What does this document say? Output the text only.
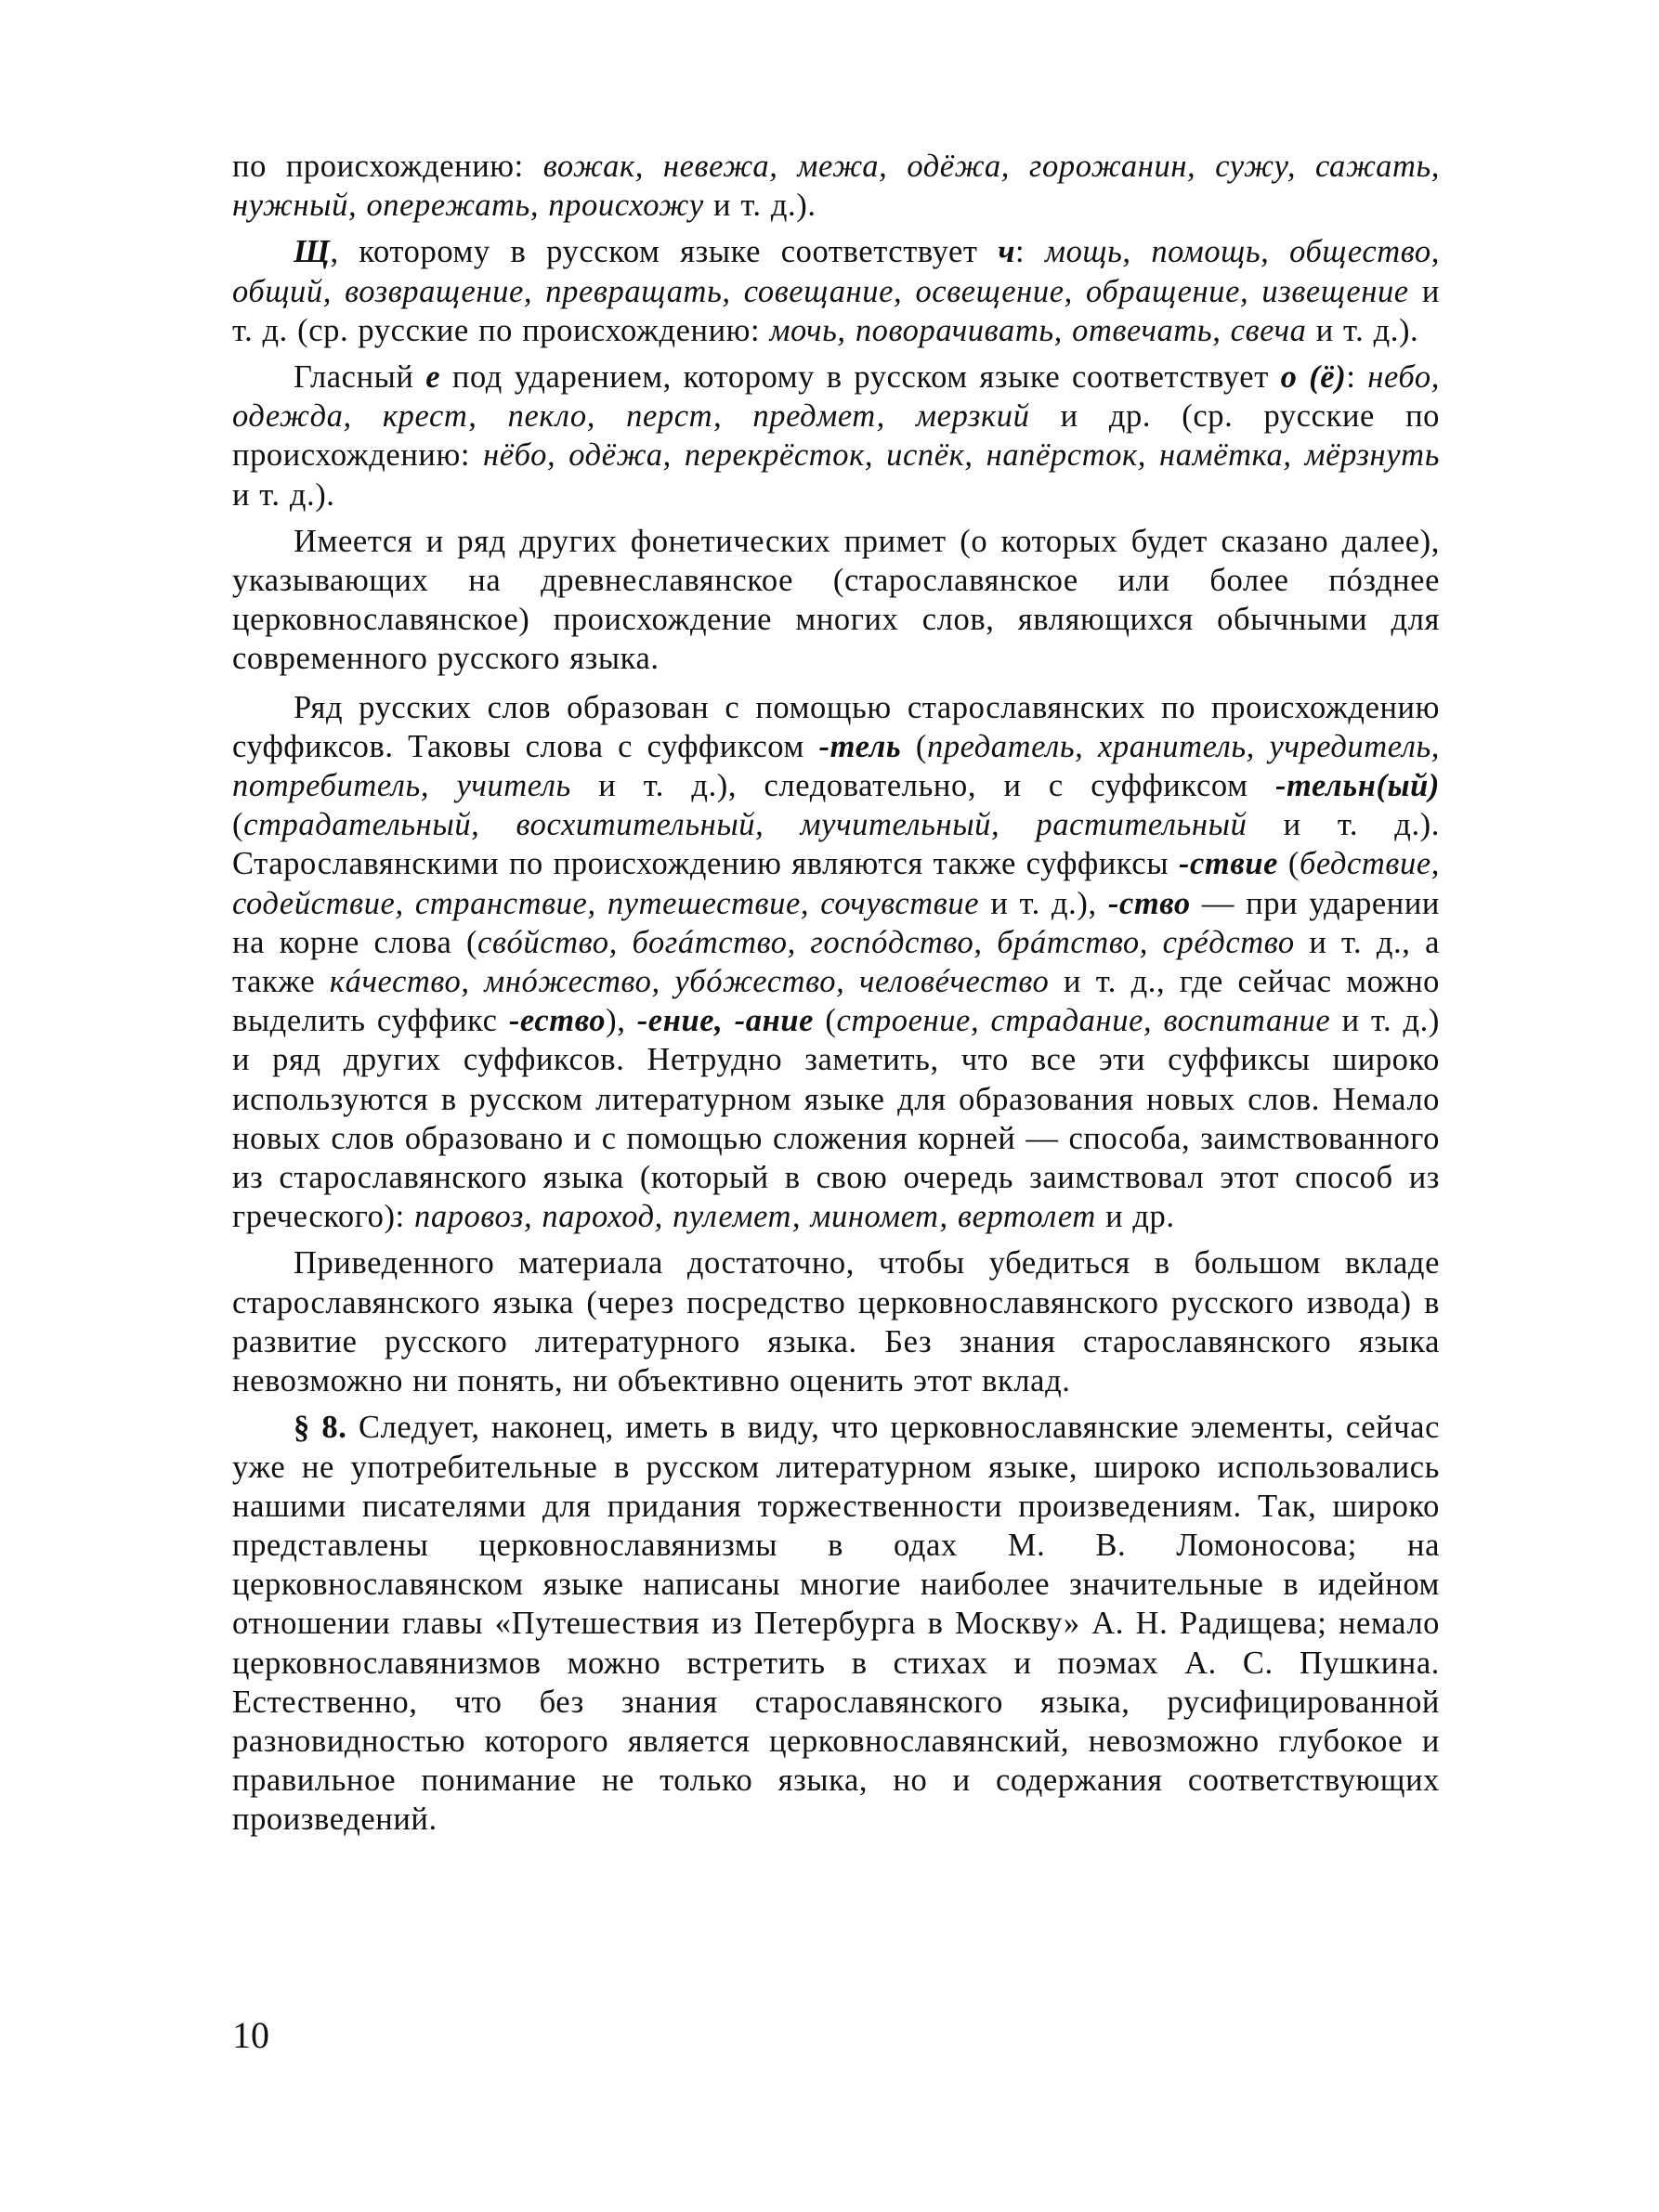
по происхождению: вожак, невежа, межа, одёжа, горожанин, сужу, сажать, нужный, опережать, происхожу и т. д.).

Щ, которому в русском языке соответствует ч: мощь, помощь, общество, общий, возвращение, превращать, совещание, освещение, обращение, извещение и т. д. (ср. русские по происхождению: мочь, поворачивать, отвечать, свеча и т. д.).

Гласный е под ударением, которому в русском языке соответствует о (ё): небо, одежда, крест, пекло, перст, предмет, мерзкий и др. (ср. русские по происхождению: нёбо, одёжа, перекрёсток, испёк, напёрсток, намётка, мёрзнуть и т. д.).

Имеется и ряд других фонетических примет (о которых будет сказано далее), указывающих на древнеславянское (старославянское или более пóзднее церковнославянское) происхождение многих слов, являющихся обычными для современного русского языка.

Ряд русских слов образован с помощью старославянских по происхождению суффиксов. Таковы слова с суффиксом -тель (предатель, хранитель, учредитель, потребитель, учитель и т. д.), следовательно, и с суффиксом -тельн(ый) (страдательный, восхитительный, мучительный, растительный и т. д.). Старославянскими по происхождению являются также суффиксы -ствие (бедствие, содействие, странствие, путешествие, сочувствие и т. д.), -ство — при ударении на корне слова (свóйство, богáтство, госпóдство, брáтство, срéдство и т. д., а также кáчество, мнóжество, убóжество, человéчество и т. д., где сейчас можно выделить суффикс -ество), -ение, -ание (строение, страдание, воспитание и т. д.) и ряд других суффиксов. Нетрудно заметить, что все эти суффиксы широко используются в русском литературном языке для образования новых слов. Немало новых слов образовано и с помощью сложения корней — способа, заимствованного из старославянского языка (который в свою очередь заимствовал этот способ из греческого): паровоз, пароход, пулемет, миномет, вертолет и др.

Приведенного материала достаточно, чтобы убедиться в большом вкладе старославянского языка (через посредство церковнославянского русского извода) в развитие русского литературного языка. Без знания старославянского языка невозможно ни понять, ни объективно оценить этот вклад.

§ 8. Следует, наконец, иметь в виду, что церковнославянские элементы, сейчас уже не употребительные в русском литературном языке, широко использовались нашими писателями для придания торжественности произведениям. Так, широко представлены церковнославянизмы в одах М. В. Ломоносова; на церковнославянском языке написаны многие наиболее значительные в идейном отношении главы «Путешествия из Петербурга в Москву» А. Н. Радищева; немало церковнославянизмов можно встретить в стихах и поэмах А. С. Пушкина. Естественно, что без знания старославянского языка, русифицированной разновидностью которого является церковнославянский, невозможно глубокое и правильное понимание не только языка, но и содержания соответствующих произведений.

10
